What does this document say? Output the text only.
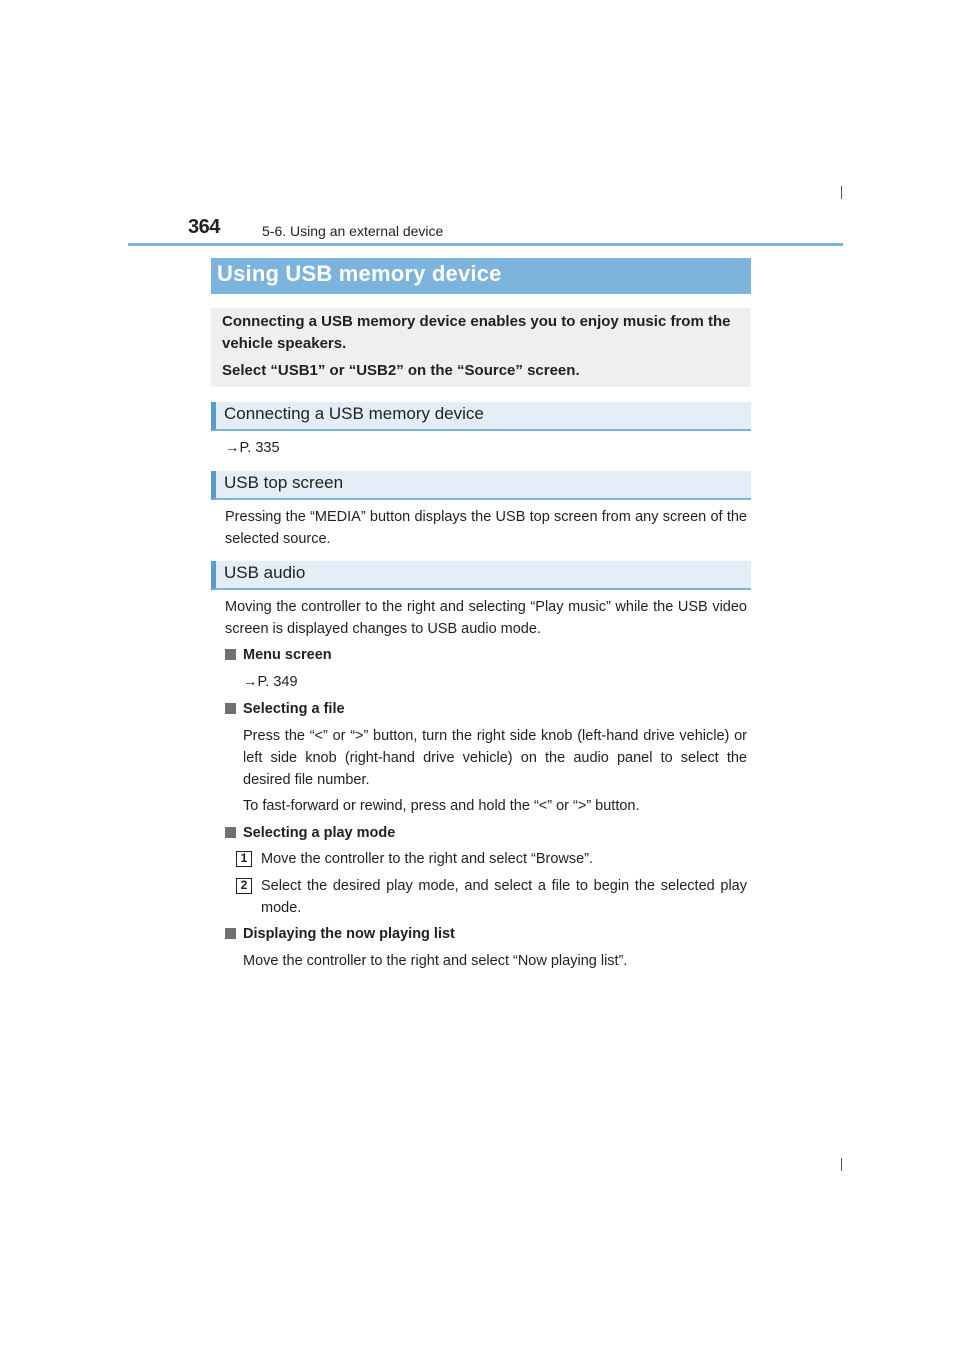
364	5-6. Using an external device
Using USB memory device

Connecting a USB memory device enables you to enjoy music from the vehicle speakers.

Select “USB1” or “USB2” on the “Source” screen.

Connecting a USB memory device
→P. 335
USB top screen
Pressing the “MEDIA” button displays the USB top screen from any screen of the selected source.
USB audio
Moving the controller to the right and selecting “Play music” while the USB video screen is displayed changes to USB audio mode.
Menu screen
→P. 349
Selecting a file
Press the “<” or “>” button, turn the right side knob (left-hand drive vehicle) or left side knob (right-hand drive vehicle) on the audio panel to select the desired file number.
To fast-forward or rewind, press and hold the “<” or “>” button.
Selecting a play mode
1 Move the controller to the right and select “Browse”.
2 Select the desired play mode, and select a file to begin the selected play mode.
Displaying the now playing list
Move the controller to the right and select “Now playing list”.
